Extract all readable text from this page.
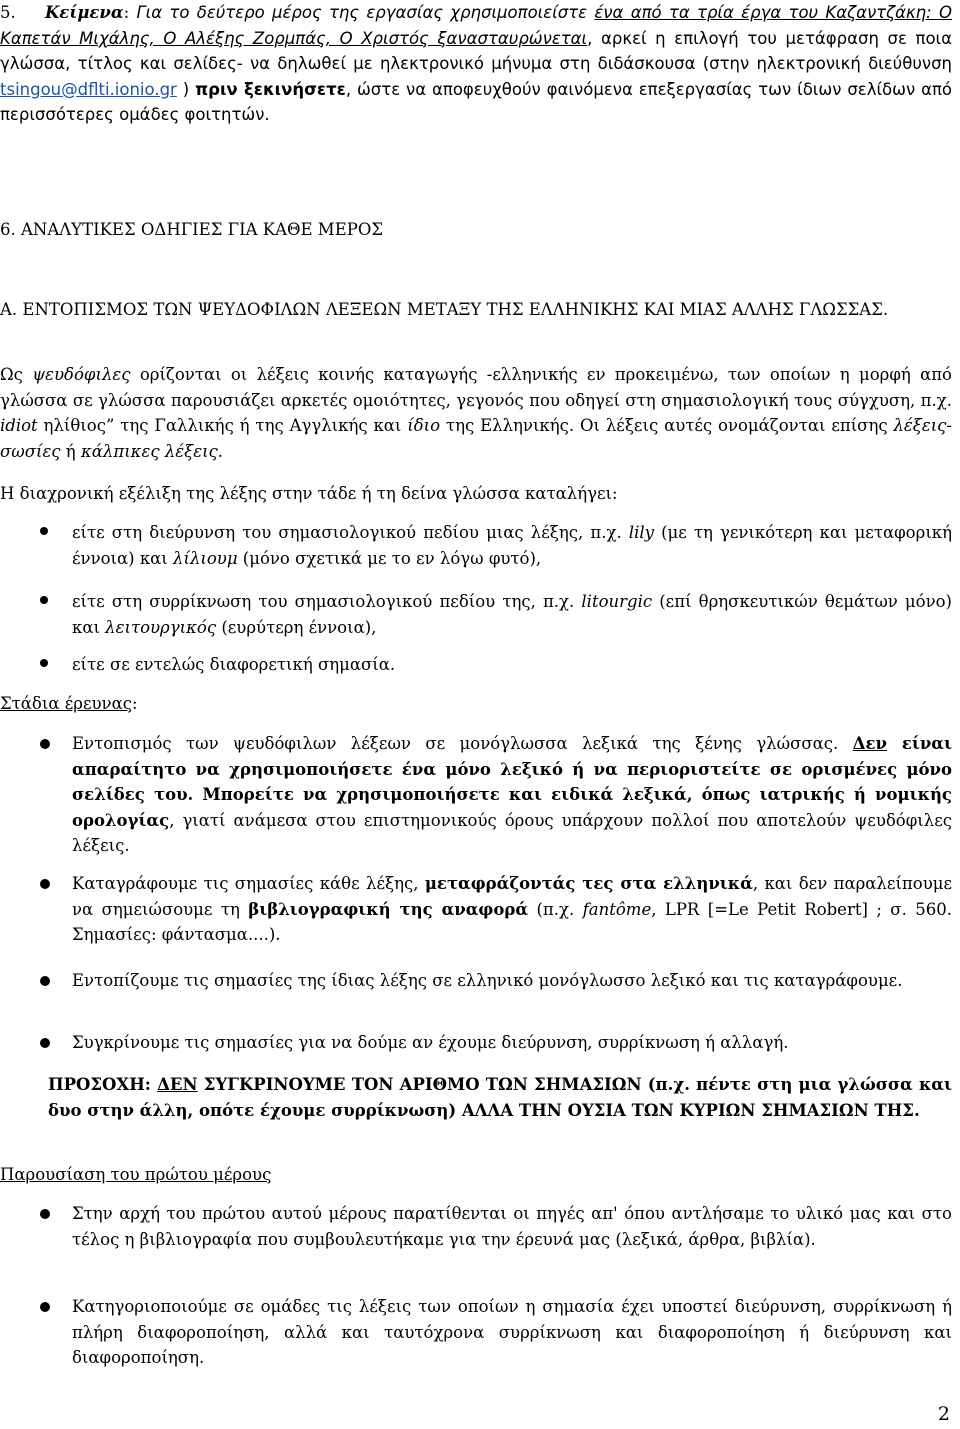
5. Κείμενα: Για το δεύτερο μέρος της εργασίας χρησιμοποιείστε ένα από τα τρία έργα του Καζαντζάκη: Ο Καπετάν Μιχάλης, Ο Αλέξης Ζορμπάς, Ο Χριστός ξανασταυρώνεται, αρκεί η επιλογή του μετάφραση σε ποια γλώσσα, τίτλος και σελίδες- να δηλωθεί με ηλεκτρονικό μήνυμα στη διδάσκουσα (στην ηλεκτρονική διεύθυνση tsingou@dflti.ionio.gr ) πριν ξεκινήσετε, ώστε να αποφευχθούν φαινόμενα επεξεργασίας των ίδιων σελίδων από περισσότερες ομάδες φοιτητών.
6. ΑΝΑΛΥΤΙΚΕΣ ΟΔΗΓΙΕΣ ΓΙΑ ΚΑΘΕ ΜΕΡΟΣ
Α. ΕΝΤΟΠΙΣΜΟΣ ΤΩΝ ΨΕΥΔΟΦΙΛΩΝ ΛΕΞΕΩΝ ΜΕΤΑΞΥ ΤΗΣ ΕΛΛΗΝΙΚΗΣ ΚΑΙ ΜΙΑΣ ΑΛΛΗΣ ΓΛΩΣΣΑΣ.
Ως ψευδόφιλες ορίζονται οι λέξεις κοινής καταγωγής -ελληνικής εν προκειμένω, των οποίων η μορφή από γλώσσα σε γλώσσα παρουσιάζει αρκετές ομοιότητες, γεγονός που οδηγεί στη σημασιολογική τους σύγχυση, π.χ. idiot ηλίθιος” της Γαλλικής ή της Αγγλικής και ίδιο της Ελληνικής. Οι λέξεις αυτές ονομάζονται επίσης λέξεις-σωσίες ή κάλπικες λέξεις.
Η διαχρονική εξέλιξη της λέξης στην τάδε ή τη δείνα γλώσσα καταλήγει:
είτε στη διεύρυνση του σημασιολογικού πεδίου μιας λέξης, π.χ. lily (με τη γενικότερη και μεταφορική έννοια) και λίλιουμ (μόνο σχετικά με το εν λόγω φυτό),
είτε στη συρρίκνωση του σημασιολογικού πεδίου της, π.χ. litourgic (επί θρησκευτικών θεμάτων μόνο) και λειτουργικός (ευρύτερη έννοια),
είτε σε εντελώς διαφορετική σημασία.
Στάδια έρευνας:
Εντοπισμός των ψευδόφιλων λέξεων σε μονόγλωσσα λεξικά της ξένης γλώσσας. Δεν είναι απαραίτητο να χρησιμοποιήσετε ένα μόνο λεξικό ή να περιοριστείτε σε ορισμένες μόνο σελίδες του. Μπορείτε να χρησιμοποιήσετε και ειδικά λεξικά, όπως ιατρικής ή νομικής ορολογίας, γιατί ανάμεσα στου επιστημονικούς όρους υπάρχουν πολλοί που αποτελούν ψευδόφιλες λέξεις.
Καταγράφουμε τις σημασίες κάθε λέξης, μεταφράζοντάς τες στα ελληνικά, και δεν παραλείπουμε να σημειώσουμε τη βιβλιογραφική της αναφορά (π.χ. fantôme, LPR [=Le Petit Robert] ; σ. 560. Σημασίες: φάντασμα....).
Εντοπίζουμε τις σημασίες της ίδιας λέξης σε ελληνικό μονόγλωσσο λεξικό και τις καταγράφουμε.
Συγκρίνουμε τις σημασίες για να δούμε αν έχουμε διεύρυνση, συρρίκνωση ή αλλαγή.
ΠΡΟΣΟΧΗ: ΔΕΝ ΣΥΓΚΡΙΝΟΥΜΕ ΤΟΝ ΑΡΙΘΜΟ ΤΩΝ ΣΗΜΑΣΙΩΝ (π.χ. πέντε στη μια γλώσσα και δυο στην άλλη, οπότε έχουμε συρρίκνωση) ΑΛΛΑ ΤΗΝ ΟΥΣΙΑ ΤΩΝ ΚΥΡΙΩΝ ΣΗΜΑΣΙΩΝ ΤΗΣ.
Παρουσίαση του πρώτου μέρους
Στην αρχή του πρώτου αυτού μέρους παρατίθενται οι πηγές απ' όπου αντλήσαμε το υλικό μας και στο τέλος η βιβλιογραφία που συμβουλευτήκαμε για την έρευνά μας (λεξικά, άρθρα, βιβλία).
Κατηγοριοποιούμε σε ομάδες τις λέξεις των οποίων η σημασία έχει υποστεί διεύρυνση, συρρίκνωση ή πλήρη διαφοροποίηση, αλλά και ταυτόχρονα συρρίκνωση και διαφοροποίηση ή διεύρυνση και διαφοροποίηση.
2
